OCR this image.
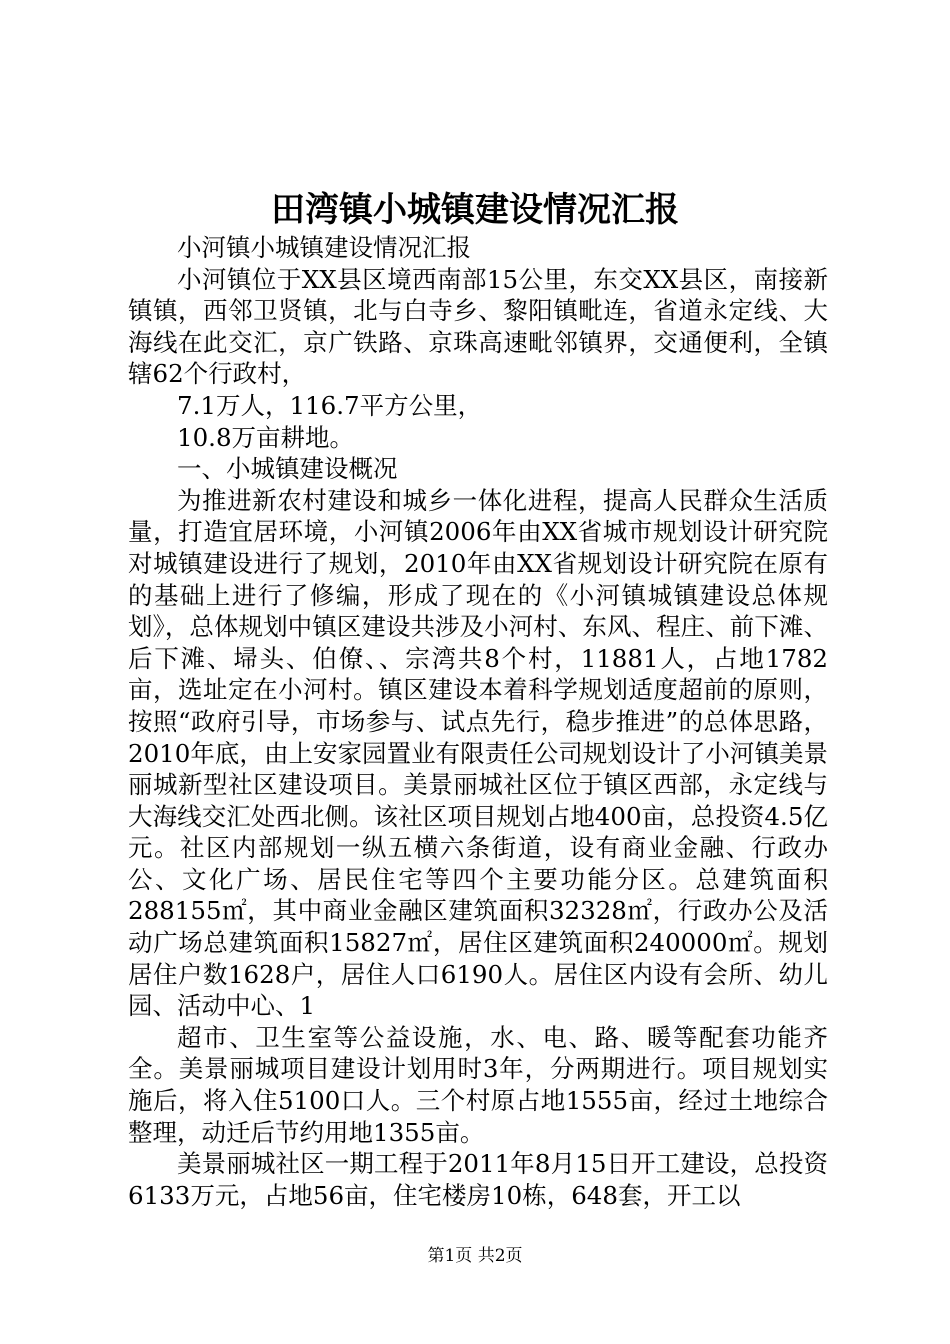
田湾镇小城镇建设情况汇报

小河镇小城镇建设情况汇报

小河镇位于XX县区境西南部15公里，东交XX县区，南接新镇镇，西邻卫贤镇，北与白寺乡、黎阳镇毗连，省道永定线、大海线在此交汇，京广铁路、京珠高速毗邻镇界，交通便利，全镇辖62个行政村，

7.1万人，116.7平方公里，

10.8万亩耕地。

一、小城镇建设概况

为推进新农村建设和城乡一体化进程，提高人民群众生活质量，打造宜居环境，小河镇2006年由XX省城市规划设计研究院对城镇建设进行了规划，2010年由XX省规划设计研究院在原有的基础上进行了修编，形成了现在的《小河镇城镇建设总体规划》，总体规划中镇区建设共涉及小河村、东风、程庄、前下滩、后下滩、埽头、伯僚、、宗湾共8个村，11881人，占地1782亩，选址定在小河村。镇区建设本着科学规划适度超前的原则，按照“政府引导，市场参与、试点先行，稳步推进”的总体思路，2010年底，由上安家园置业有限责任公司规划设计了小河镇美景丽城新型社区建设项目。美景丽城社区位于镇区西部，永定线与大海线交汇处西北侧。该社区项目规划占地400亩，总投资4.5亿元。社区内部规划一纵五横六条街道，设有商业金融、行政办公、文化广场、居民住宅等四个主要功能分区。总建筑面积288155㎡，其中商业金融区建筑面积32328㎡，行政办公及活动广场总建筑面积15827㎡，居住区建筑面积240000㎡。规划居住户数1628户，居住人口6190人。居住区内设有会所、幼儿园、活动中心、1

超市、卫生室等公益设施，水、电、路、暖等配套功能齐全。美景丽城项目建设计划用时3年，分两期进行。项目规划实施后，将入住5100口人。三个村原占地1555亩，经过土地综合整理，动迁后节约用地1355亩。

美景丽城社区一期工程于2011年8月15日开工建设，总投资6133万元，占地56亩，住宅楼房10栋，648套，开工以

第1页 共2页
